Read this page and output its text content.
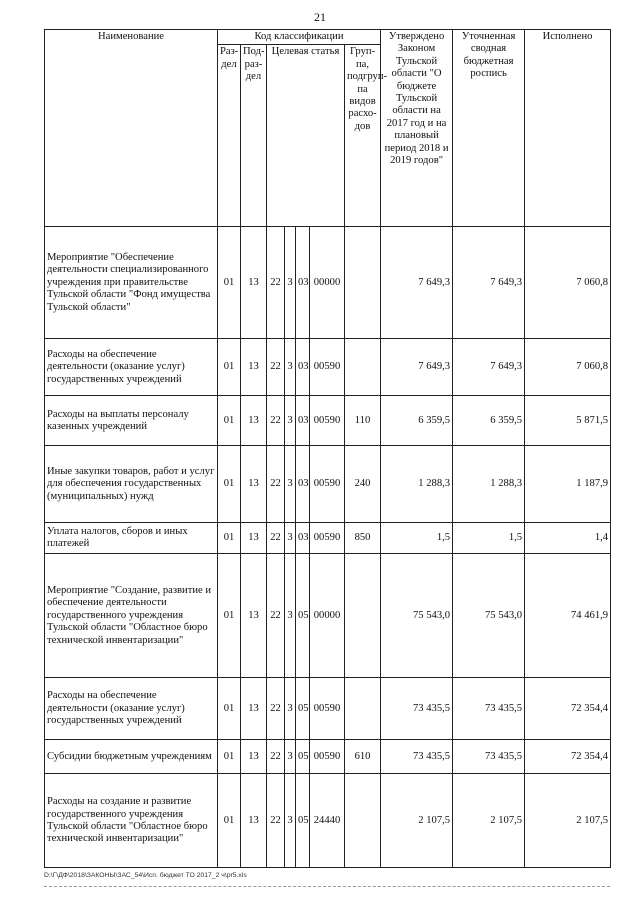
21
Наименование	Код классификации							Утверждено Законом Тульской области "О бюджете Тульской области на 2017 год и на плановый период 2018 и 2019 годов"	Уточненная сводная бюджетная роспись	Исполнено
	Раз-дел	Под-раз-дел	Целевая статья				Груп-па, подгруп-па видов расхо-дов			
Мероприятие "Обеспечение деятельности специализированного учреждения при правительстве Тульской области "Фонд имущества Тульской области"	01	13	22	3	03	00000		7 649,3	7 649,3	7 060,8
Расходы на обеспечение деятельности (оказание услуг) государственных учреждений	01	13	22	3	03	00590		7 649,3	7 649,3	7 060,8
Расходы на выплаты персоналу казенных учреждений	01	13	22	3	03	00590	110	6 359,5	6 359,5	5 871,5
Иные закупки товаров, работ и услуг для обеспечения государственных (муниципальных) нужд	01	13	22	3	03	00590	240	1 288,3	1 288,3	1 187,9
Уплата налогов, сборов и иных платежей	01	13	22	3	03	00590	850	1,5	1,5	1,4
Мероприятие "Создание, развитие и обеспечение деятельности государственного учреждения Тульской области "Областное бюро технической инвентаризации"	01	13	22	3	05	00000		75 543,0	75 543,0	74 461,9
Расходы на обеспечение деятельности (оказание услуг) государственных учреждений	01	13	22	3	05	00590		73 435,5	73 435,5	72 354,4
Субсидии бюджетным учреждениям	01	13	22	3	05	00590	610	73 435,5	73 435,5	72 354,4
Расходы на создание и развитие государственного учреждения Тульской области "Областное бюро технической инвентаризации"	01	13	22	3	05	24440		2 107,5	2 107,5	2 107,5
D:\Г\ДФ\2018\ЗАКОНЫ\ЗАС_54\Исп. бюджет ТО 2017_2 ч\pr5.xls
